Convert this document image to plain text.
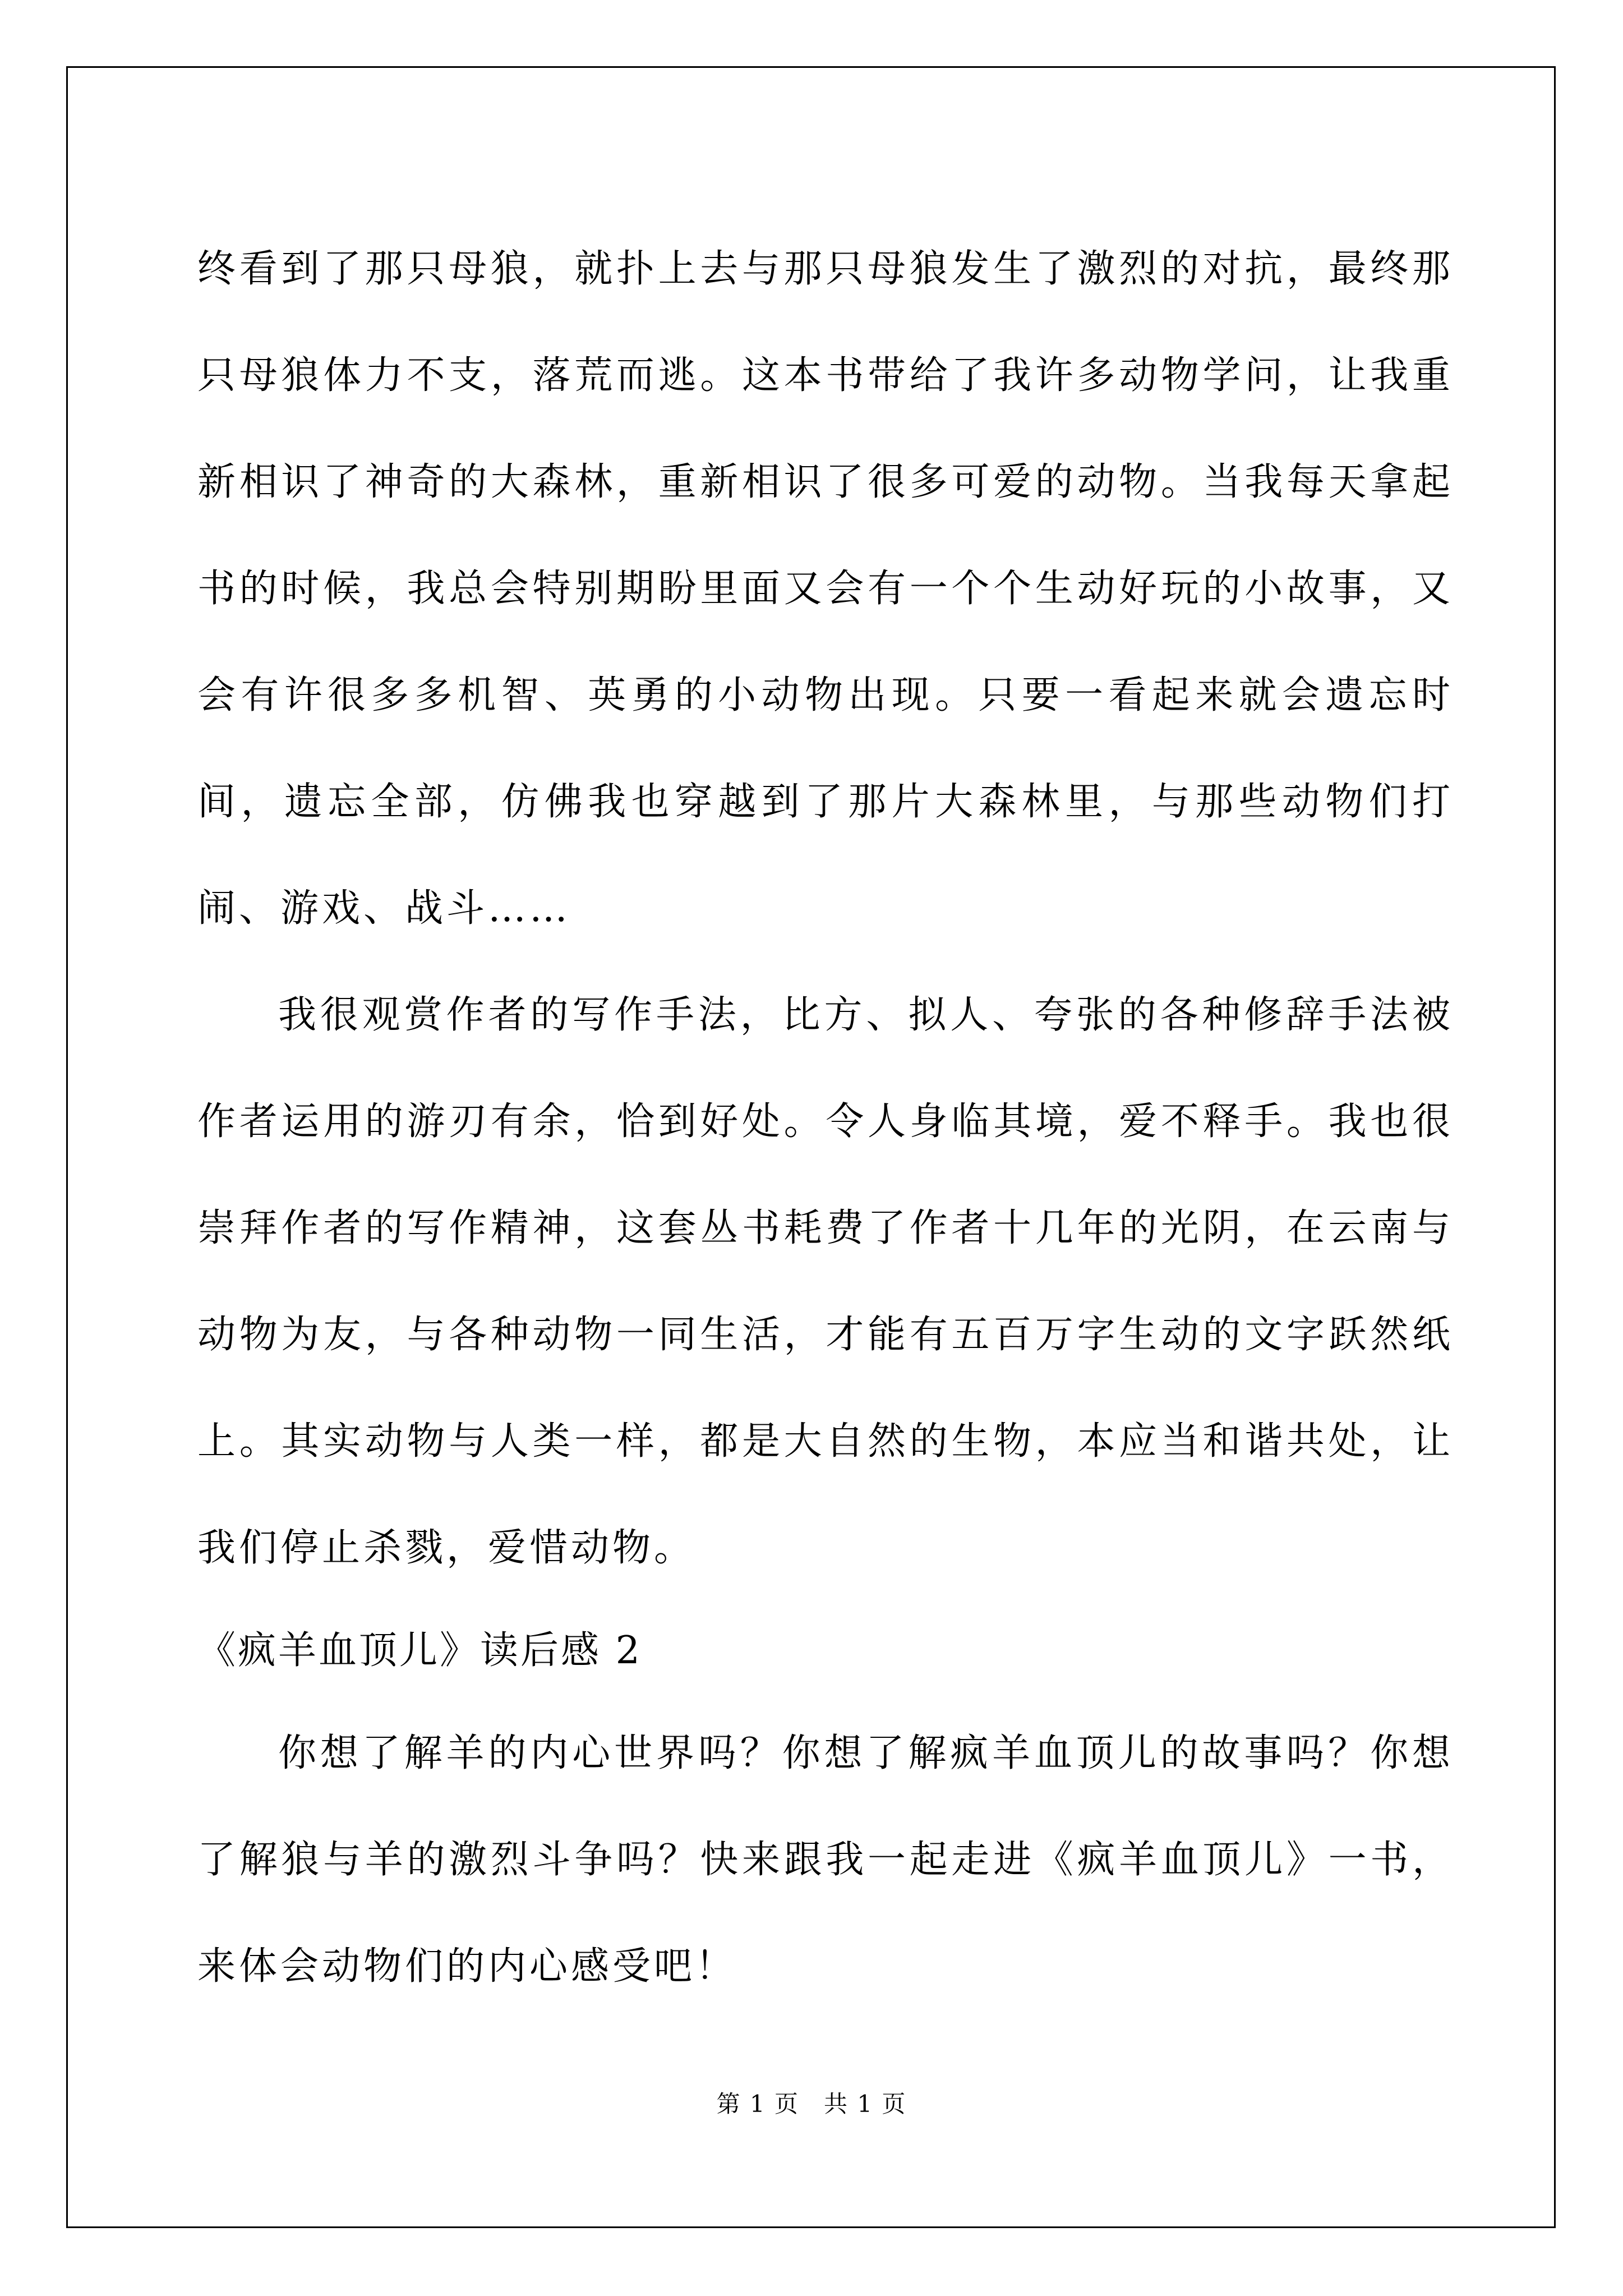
终看到了那只母狼，就扑上去与那只母狼发生了激烈的对抗，最终那只母狼体力不支，落荒而逃。这本书带给了我许多动物学问，让我重新相识了神奇的大森林，重新相识了很多可爱的动物。当我每天拿起书的时候，我总会特别期盼里面又会有一个个生动好玩的小故事，又会有许很多多机智、英勇的小动物出现。只要一看起来就会遗忘时间，遗忘全部，仿佛我也穿越到了那片大森林里，与那些动物们打闹、游戏、战斗……

我很观赏作者的写作手法，比方、拟人、夸张的各种修辞手法被作者运用的游刃有余，恰到好处。令人身临其境，爱不释手。我也很崇拜作者的写作精神，这套丛书耗费了作者十几年的光阴，在云南与动物为友，与各种动物一同生活，才能有五百万字生动的文字跃然纸上。其实动物与人类一样，都是大自然的生物，本应当和谐共处，让我们停止杀戮，爱惜动物。

《疯羊血顶儿》读后感 2

你想了解羊的内心世界吗？你想了解疯羊血顶儿的故事吗？你想了解狼与羊的激烈斗争吗？快来跟我一起走进《疯羊血顶儿》一书，来体会动物们的内心感受吧！

第 1 页　共 1 页
